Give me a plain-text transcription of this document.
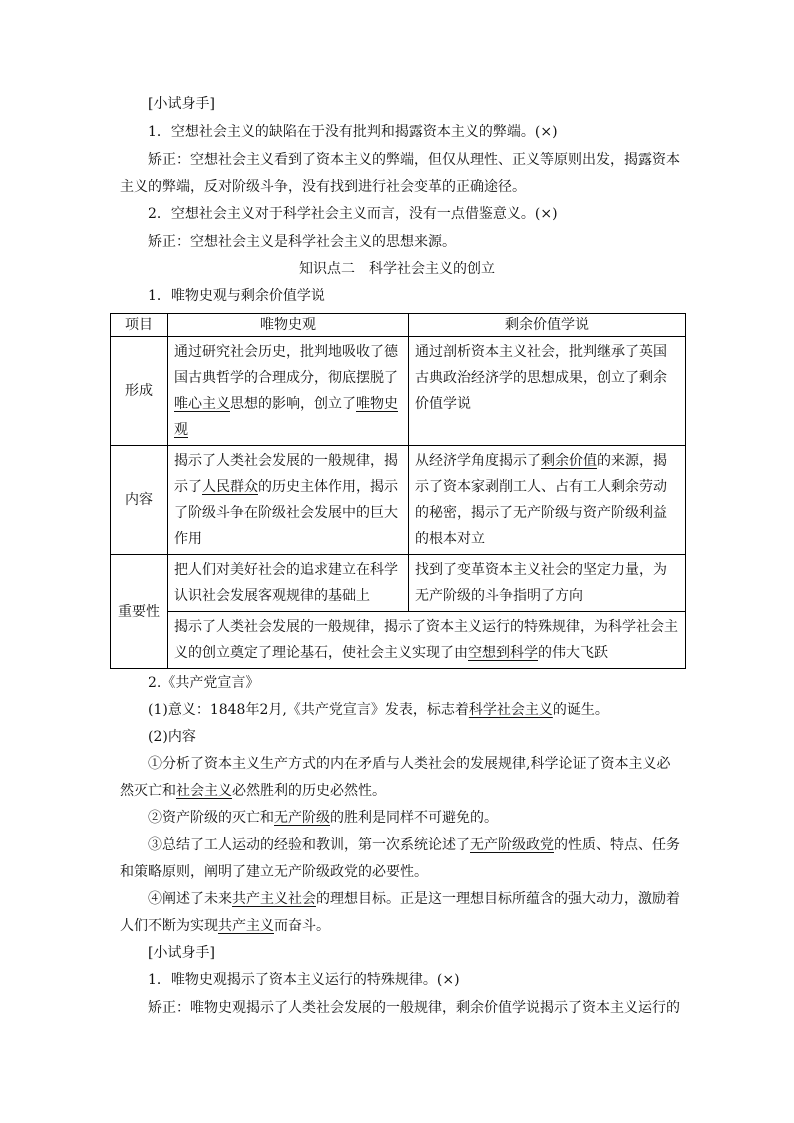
[小试身手]
1．空想社会主义的缺陷在于没有批判和揭露资本主义的弊端。(×)
矫正：空想社会主义看到了资本主义的弊端，但仅从理性、正义等原则出发，揭露资本
主义的弊端，反对阶级斗争，没有找到进行社会变革的正确途径。
2．空想社会主义对于科学社会主义而言，没有一点借鉴意义。(×)
矫正：空想社会主义是科学社会主义的思想来源。
知识点二　科学社会主义的创立
1．唯物史观与剩余价值学说
项目	唯物史观	剩余价值学说
形成	通过研究社会历史，批判地吸收了德国古典哲学的合理成分，彻底摆脱了唯心主义思想的影响，创立了唯物史观	通过剖析资本主义社会，批判继承了英国古典政治经济学的思想成果，创立了剩余价值学说
内容	揭示了人类社会发展的一般规律，揭示了人民群众的历史主体作用，揭示了阶级斗争在阶级社会发展中的巨大作用	从经济学角度揭示了剩余价值的来源，揭示了资本家剥削工人、占有工人剩余劳动的秘密，揭示了无产阶级与资产阶级利益的根本对立
重要性	把人们对美好社会的追求建立在科学认识社会发展客观规律的基础上	找到了变革资本主义社会的坚定力量，为无产阶级的斗争指明了方向
	揭示了人类社会发展的一般规律，揭示了资本主义运行的特殊规律，为科学社会主义的创立奠定了理论基石，使社会主义实现了由空想到科学的伟大飞跃	
2.《共产党宣言》
(1)意义：1848年2月,《共产党宣言》发表，标志着科学社会主义的诞生。
(2)内容
①分析了资本主义生产方式的内在矛盾与人类社会的发展规律,科学论证了资本主义必
然灭亡和社会主义必然胜利的历史必然性。
②资产阶级的灭亡和无产阶级的胜利是同样不可避免的。
③总结了工人运动的经验和教训，第一次系统论述了无产阶级政党的性质、特点、任务
和策略原则，阐明了建立无产阶级政党的必要性。
④阐述了未来共产主义社会的理想目标。正是这一理想目标所蕴含的强大动力，激励着
人们不断为实现共产主义而奋斗。
[小试身手]
1．唯物史观揭示了资本主义运行的特殊规律。(×)
矫正：唯物史观揭示了人类社会发展的一般规律，剩余价值学说揭示了资本主义运行的
